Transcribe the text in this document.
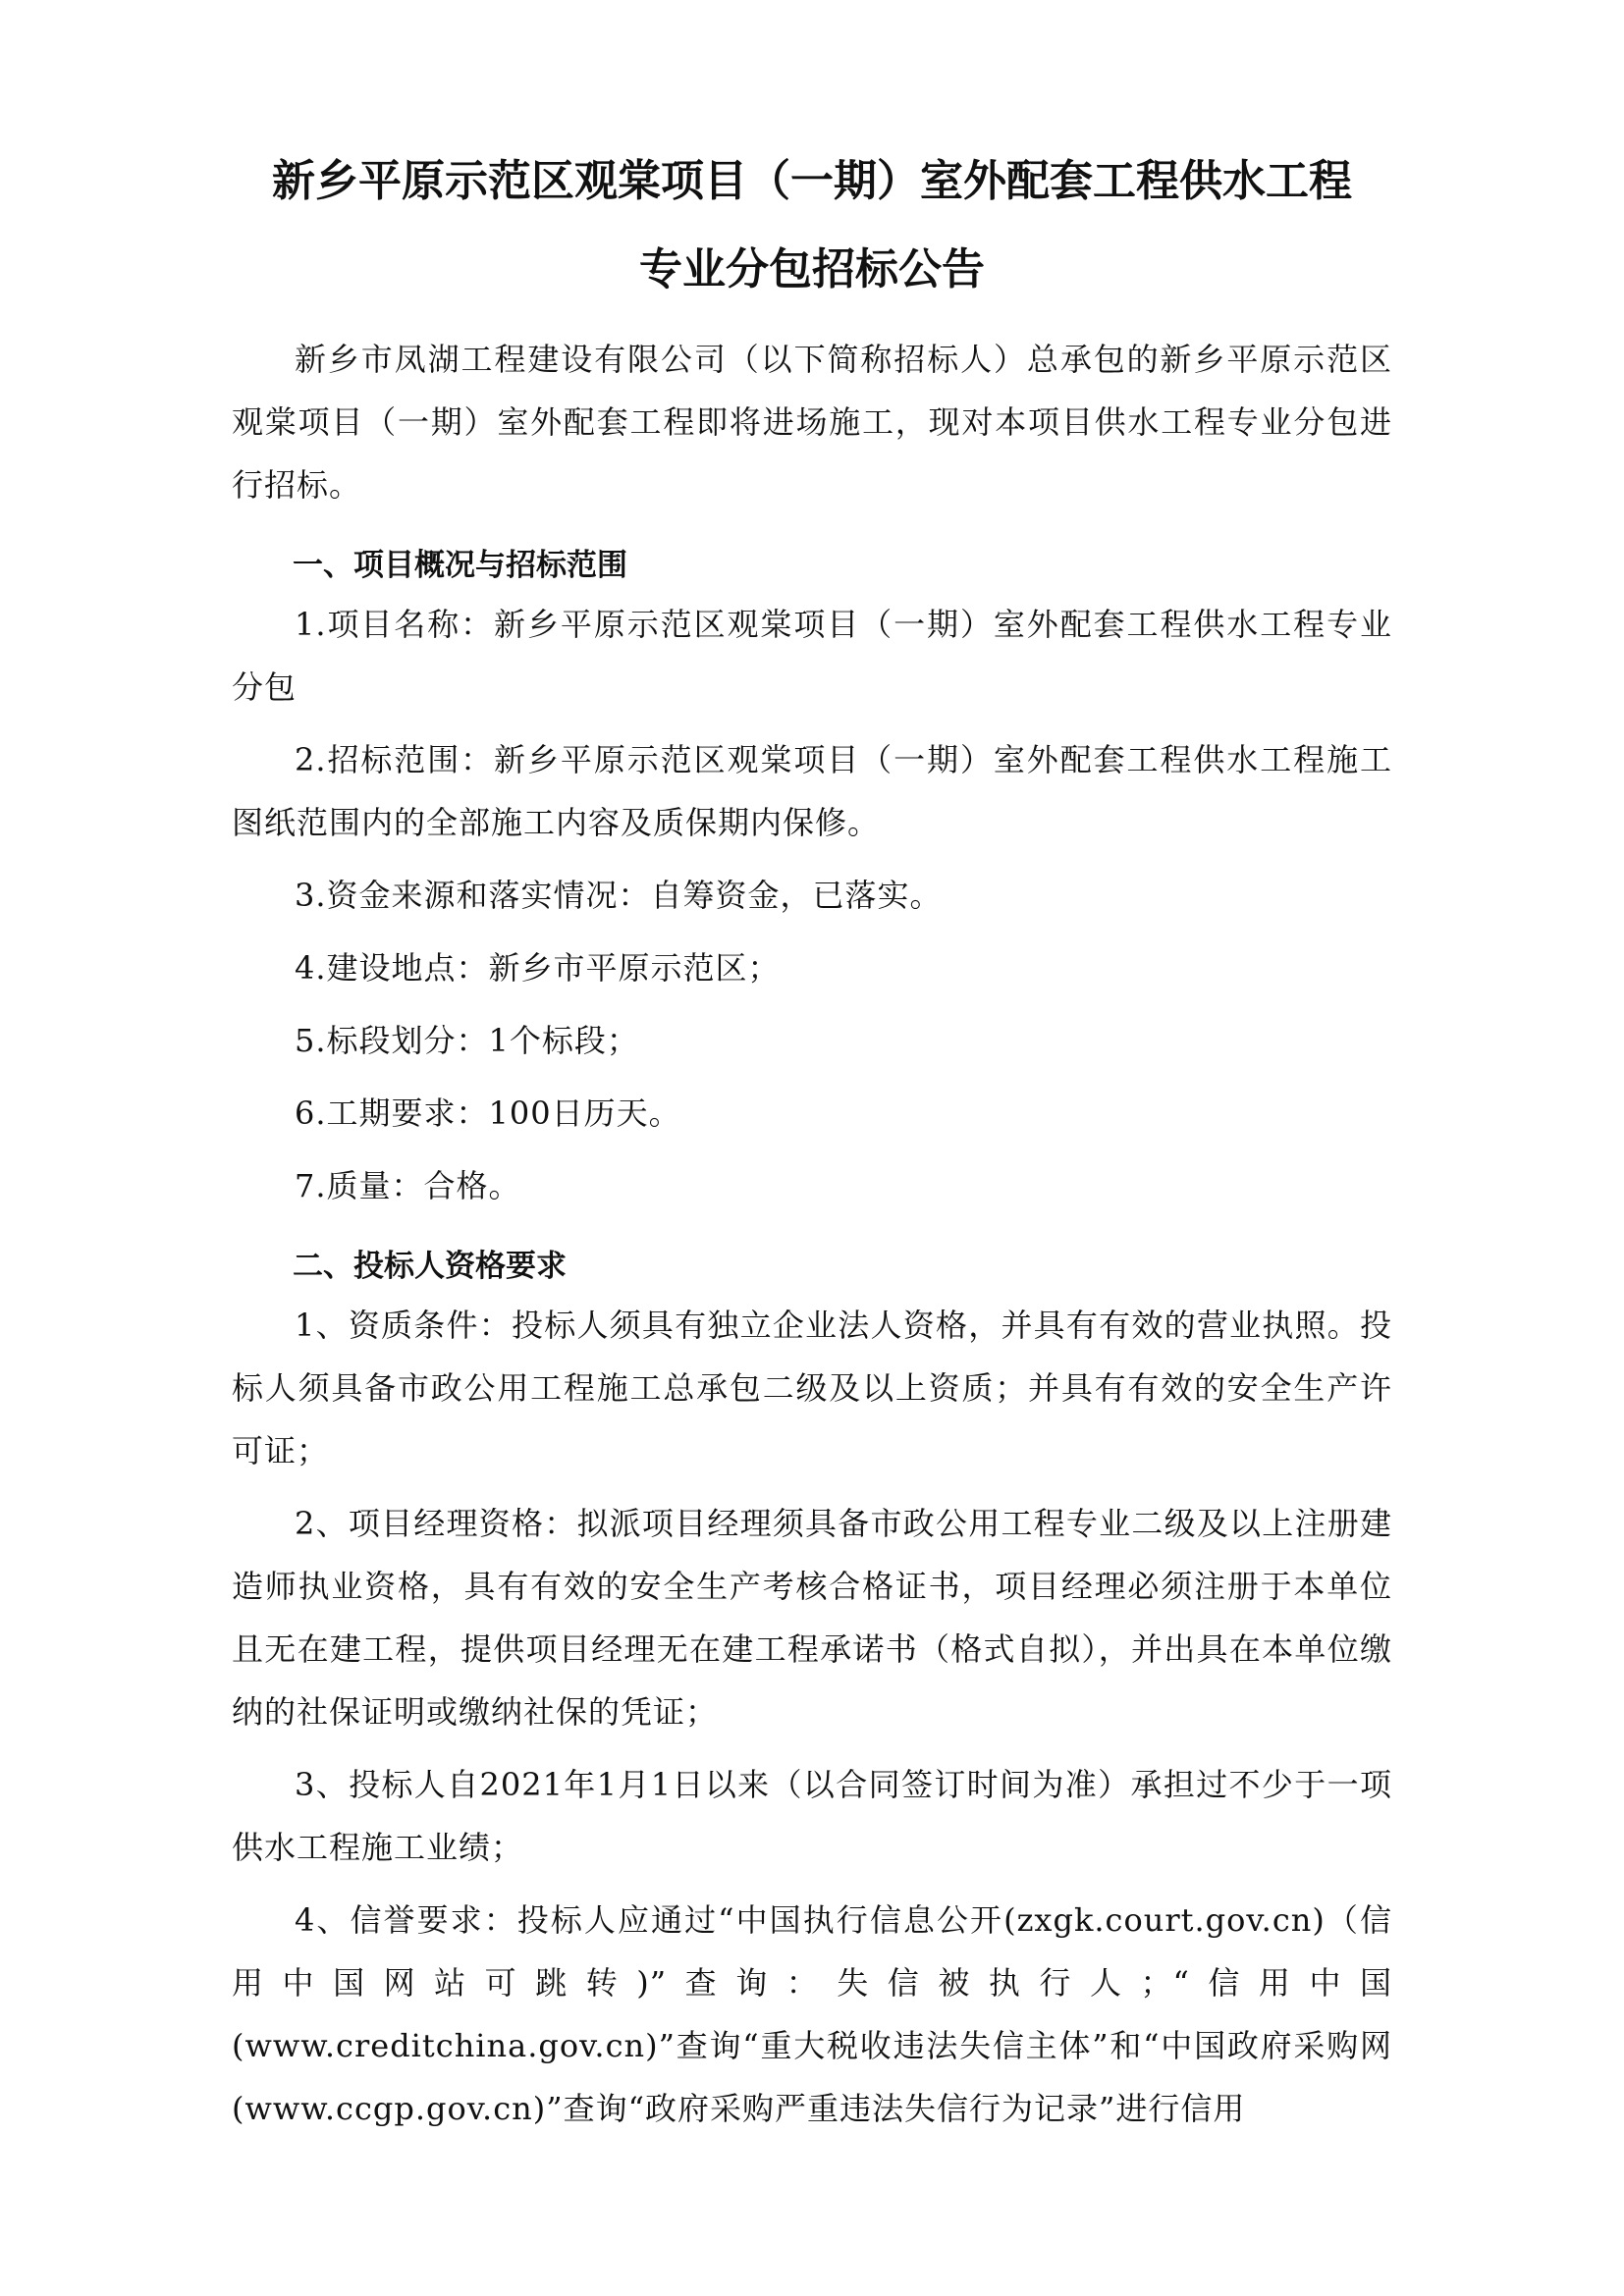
新乡平原示范区观棠项目（一期）室外配套工程供水工程
专业分包招标公告

新乡市凤湖工程建设有限公司（以下简称招标人）总承包的新乡平原示范区观棠项目（一期）室外配套工程即将进场施工，现对本项目供水工程专业分包进行招标。

一、项目概况与招标范围

1.项目名称：新乡平原示范区观棠项目（一期）室外配套工程供水工程专业分包

2.招标范围：新乡平原示范区观棠项目（一期）室外配套工程供水工程施工图纸范围内的全部施工内容及质保期内保修。

3.资金来源和落实情况：自筹资金，已落实。

4.建设地点：新乡市平原示范区；

5.标段划分：1个标段；

6.工期要求：100日历天。

7.质量：合格。

二、投标人资格要求

1、资质条件：投标人须具有独立企业法人资格，并具有有效的营业执照。投标人须具备市政公用工程施工总承包二级及以上资质；并具有有效的安全生产许可证；

2、项目经理资格：拟派项目经理须具备市政公用工程专业二级及以上注册建造师执业资格，具有有效的安全生产考核合格证书，项目经理必须注册于本单位且无在建工程，提供项目经理无在建工程承诺书（格式自拟），并出具在本单位缴纳的社保证明或缴纳社保的凭证；

3、投标人自2021年1月1日以来（以合同签订时间为准）承担过不少于一项供水工程施工业绩；

4、信誉要求：投标人应通过“中国执行信息公开(zxgk.court.gov.cn)（信用中国网站可跳转)”查询：失信被执行人；“信用中国(www.creditchina.gov.cn)”查询“重大税收违法失信主体”和“中国政府采购网 (www.ccgp.gov.cn)”查询“政府采购严重违法失信行为记录”进行信用
